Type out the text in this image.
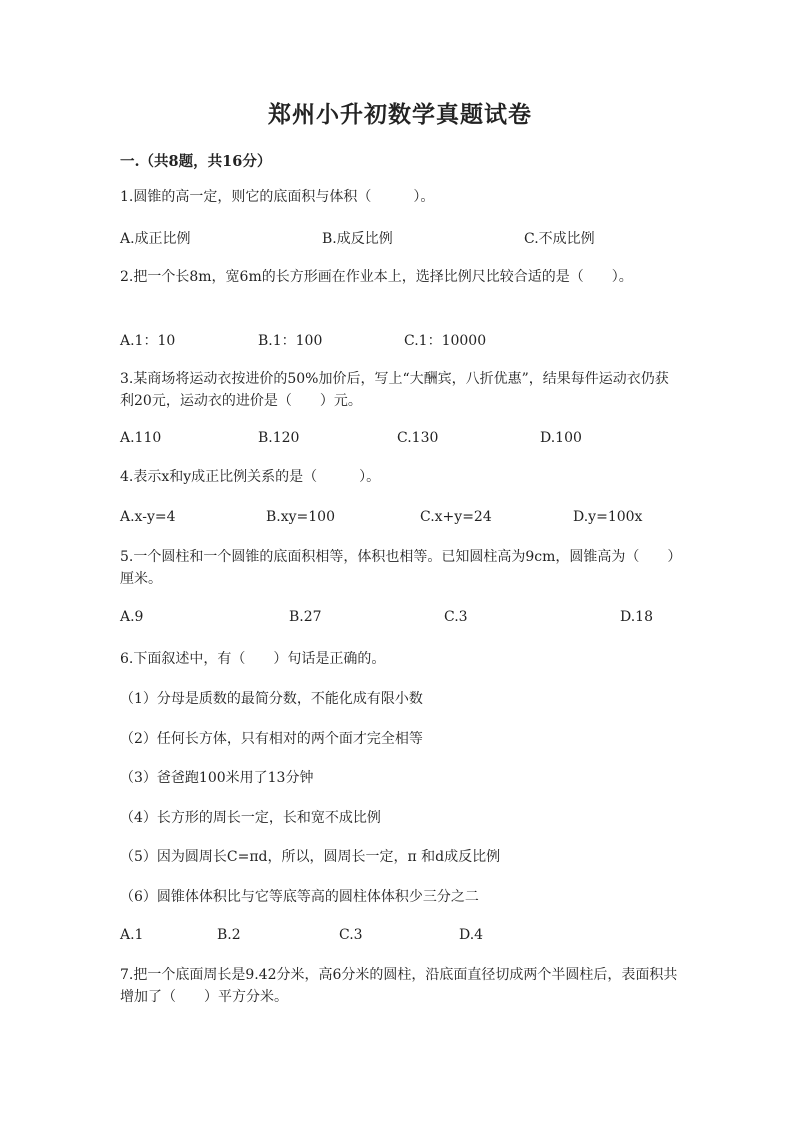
郑州小升初数学真题试卷
一.（共8题，共16分）

1.圆锥的高一定，则它的底面积与体积（　　　）。

A.成正比例	B.成反比例	C.不成比例

2.把一个长8m，宽6m的长方形画在作业本上，选择比例尺比较合适的是（　　）。

A.1：10	B.1：100	C.1：10000

3.某商场将运动衣按进价的50%加价后，写上“大酬宾，八折优惠”，结果每件运动衣仍获利20元，运动衣的进价是（　　）元。

A.110	B.120	C.130	D.100

4.表示x和y成正比例关系的是（　　　）。

A.x-y=4	B.xy=100	C.x+y=24	D.y=100x

5.一个圆柱和一个圆锥的底面积相等，体积也相等。已知圆柱高为9cm，圆锥高为（　　）厘米。

A.9	B.27	C.3	D.18

6.下面叙述中，有（　　）句话是正确的。

（1）分母是质数的最简分数，不能化成有限小数
（2）任何长方体，只有相对的两个面才完全相等
（3）爸爸跑100米用了13分钟
（4）长方形的周长一定，长和宽不成比例
（5）因为圆周长C=πd，所以，圆周长一定，π 和d成反比例
（6）圆锥体体积比与它等底等高的圆柱体体积少三分之二
A.1	B.2	C.3	D.4

7.把一个底面周长是9.42分米，高6分米的圆柱，沿底面直径切成两个半圆柱后，表面积共增加了（　　）平方分米。
